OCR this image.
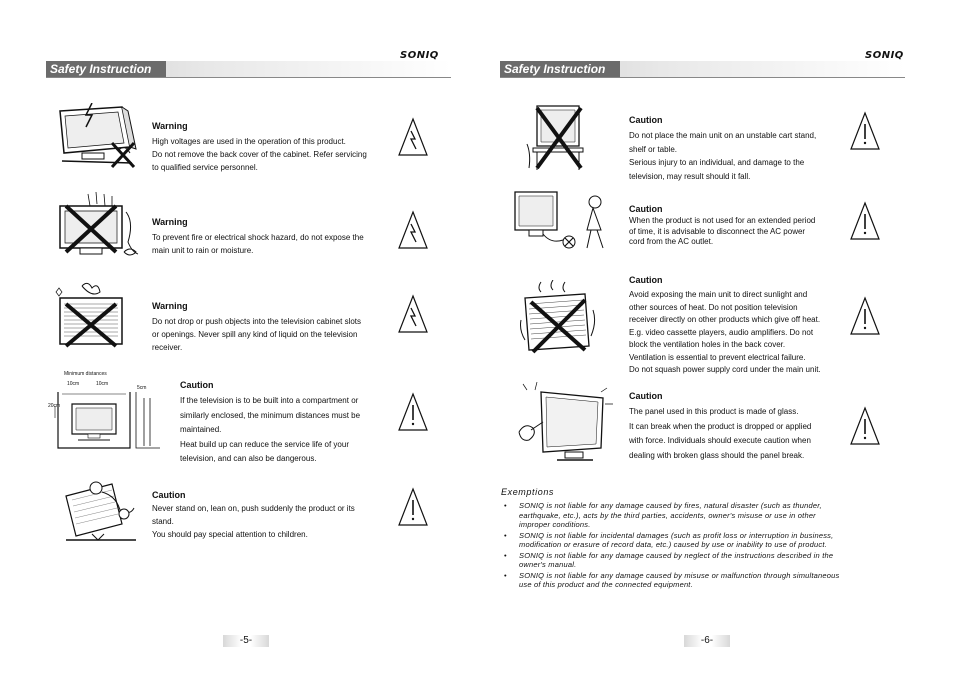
SONIQ
Safety Instruction
Warning
High voltages are used in the operation of this product.
Do not remove the back cover of the cabinet. Refer servicing
to qualified service personnel.
Warning
To prevent fire or electrical shock hazard, do not expose the
main unit to rain or moisture.
Warning
Do not drop or push objects into the television cabinet slots
or openings. Never spill any kind of liquid on the television
receiver.
Minimum distances
10cm	10cm
5cm
20cm
Caution
If the television is to be built into a compartment or
similarly enclosed, the minimum distances must be
maintained.
Heat build up can reduce the service life of your
television, and can also be dangerous.
Caution
Never stand on, lean on, push suddenly the product or its
stand.
You should pay special attention to children.
-5-
SONIQ
Safety Instruction
Caution
Do not place the main unit on an unstable cart stand,
shelf or table.
Serious injury to an individual, and damage to the
television, may result should it fall.
Caution
When the product is not used for an extended period
of time, it is advisable to disconnect the AC power
cord from the AC outlet.
Caution
Avoid exposing the main unit to direct sunlight and
other sources of heat. Do not position television
receiver directly on other products which give off heat.
E.g. video cassette players, audio amplifiers. Do not
block the ventilation holes in the back cover.
Ventilation is essential to prevent electrical failure.
Do not squash power supply cord under the main unit.
Caution
The panel used in this product is made of glass.
It can break when the product is dropped or applied
with force. Individuals should execute caution when
dealing with broken glass should the panel break.
-6-
Exemptions
• SONIQ is not liable for any damage caused by fires, natural disaster (such as thunder,
earthquake, etc.), acts by the third parties, accidents, owner's misuse or use in other
improper conditions.
• SONIQ is not liable for incidental damages (such as profit loss or interruption in business,
modification or erasure of record data, etc.) caused by use or inability to use of product.
• SONIQ is not liable for any damage caused by neglect of the instructions described in the
owner's manual.
• SONIQ is not liable for any damage caused by misuse or malfunction through simultaneous
use of this product and the connected equipment.
